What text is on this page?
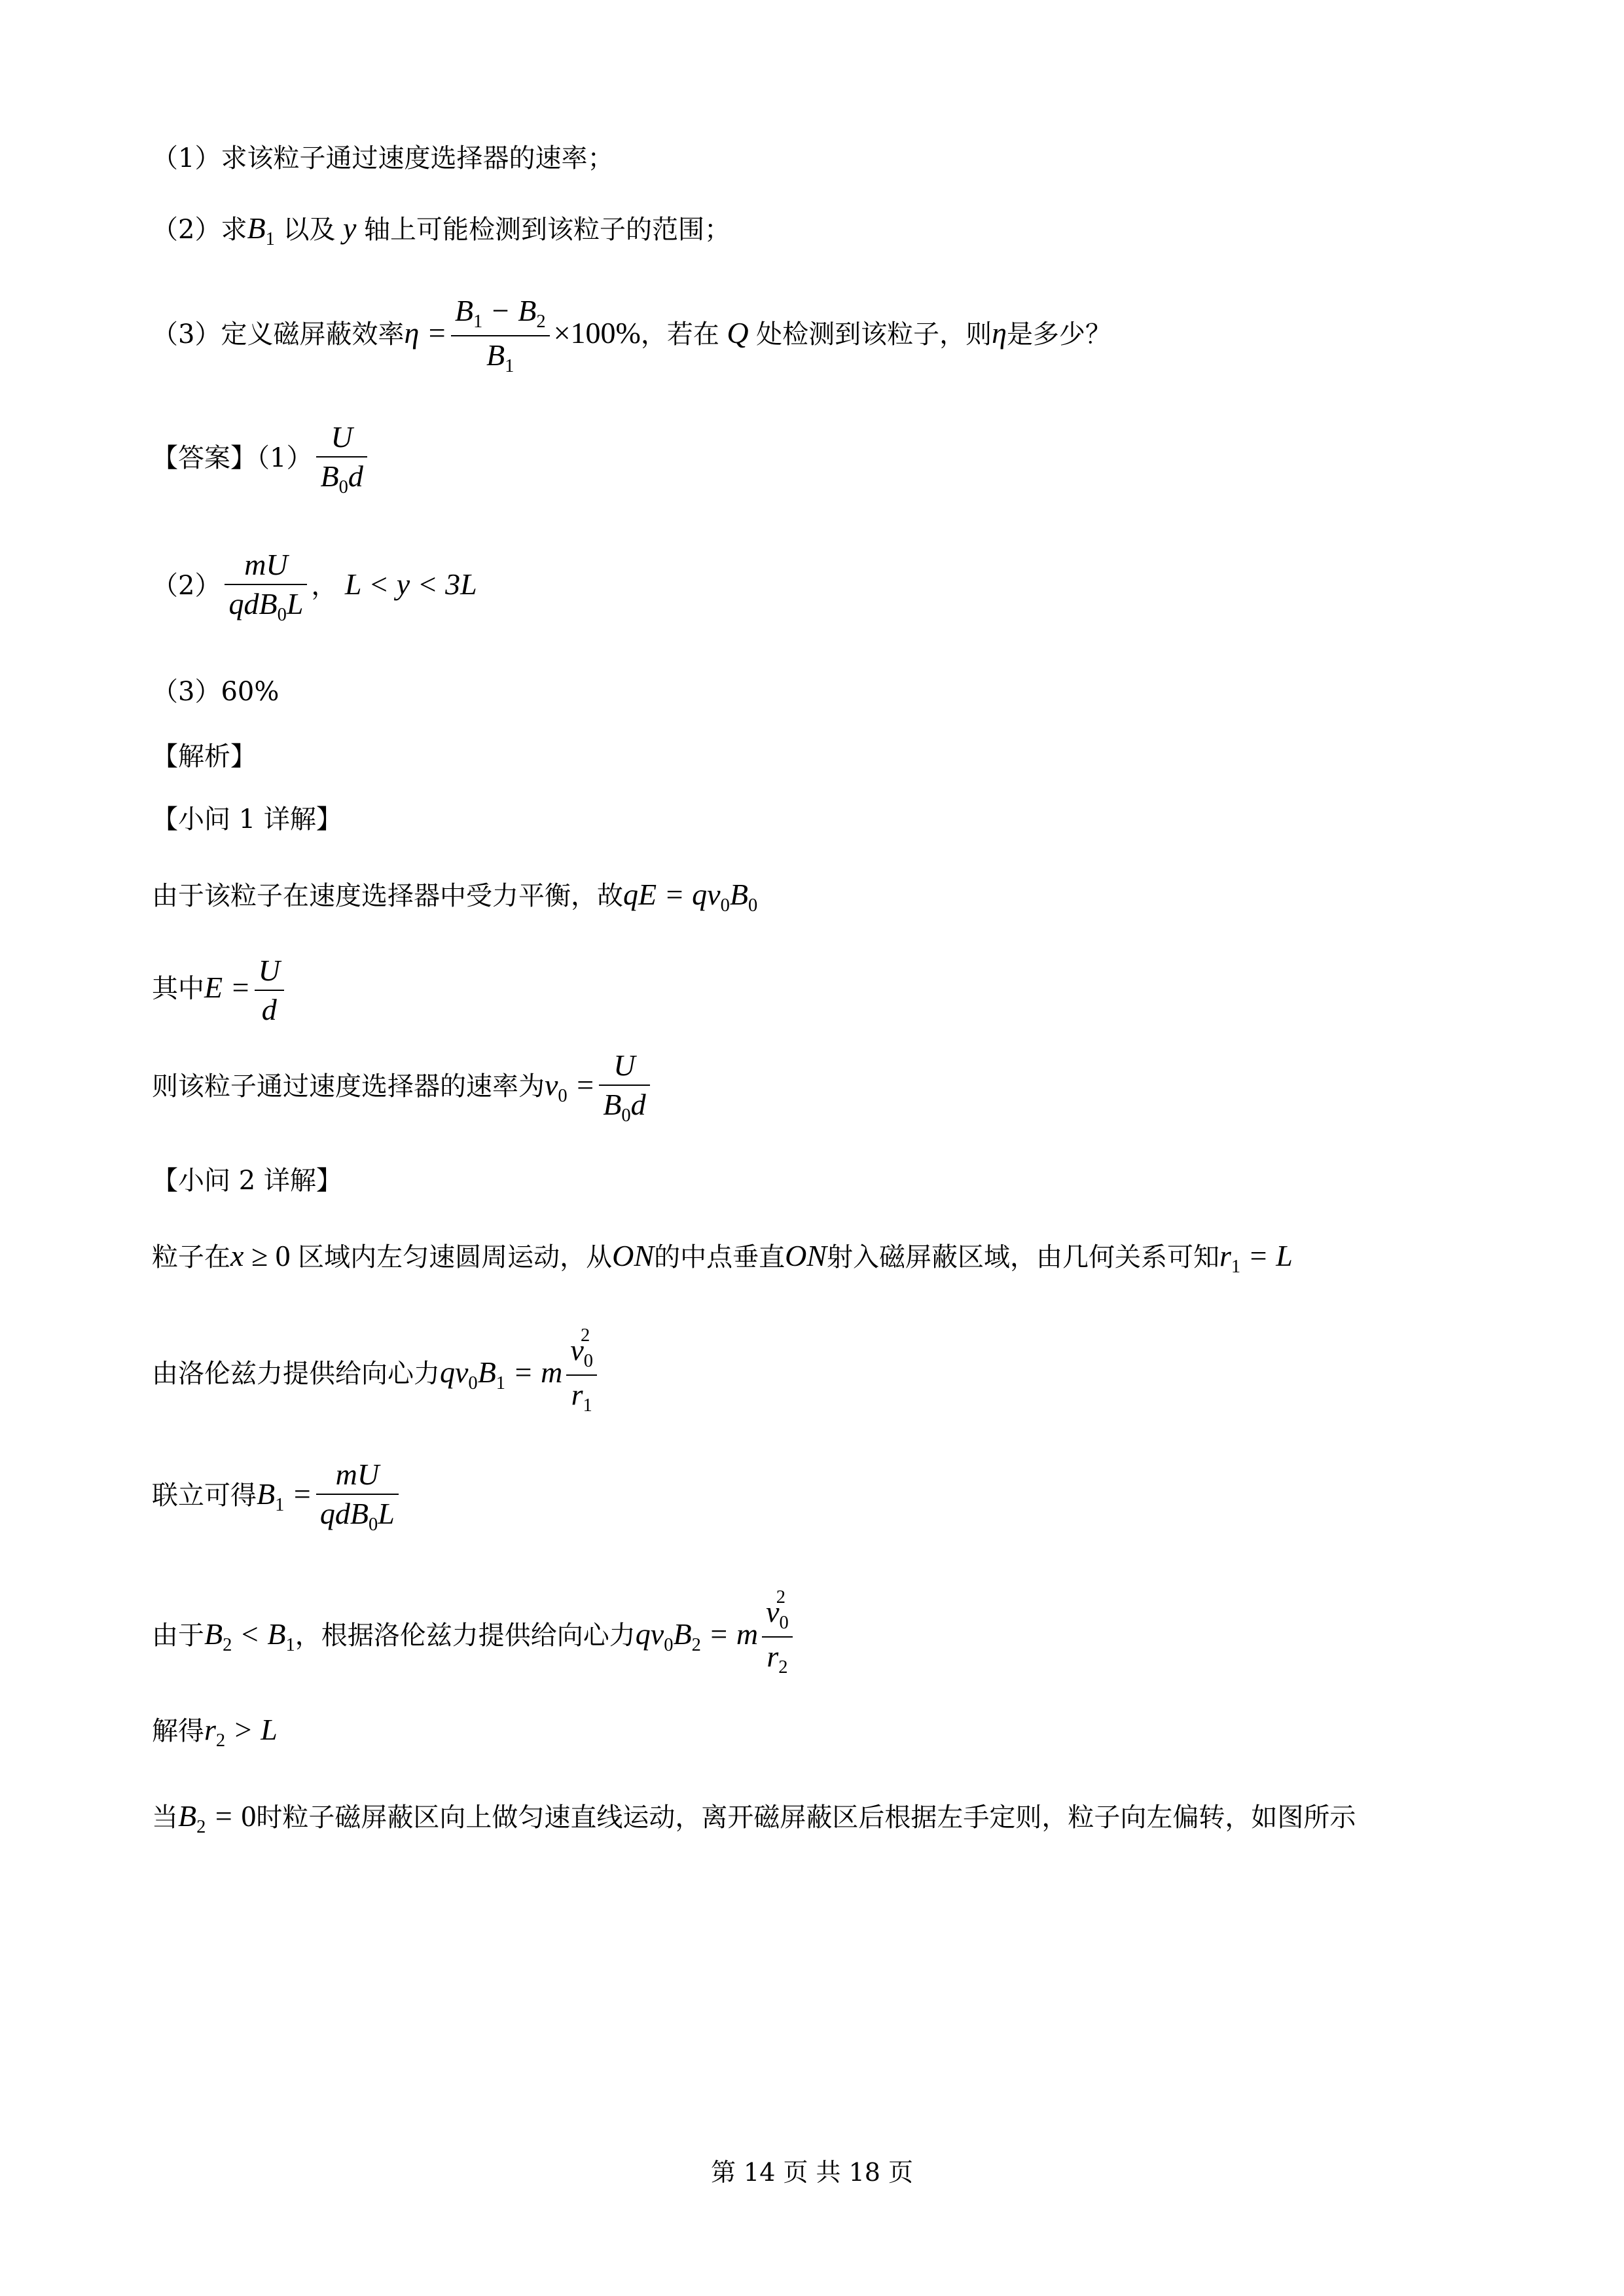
（1）求该粒子通过速度选择器的速率；
（2）求$B_1$ 以及 y 轴上可能检测到该粒子的范围；
（3）定义磁屏蔽效率$\eta = \frac{B_1 - B_2}{B_1} \times 100\%$，若在 Q 处检测到该粒子，则η是多少？
【答案】$(1) \frac{U}{B_0d}$
$(2) \frac{mU}{qdB_0L}$ ， L < y < 3L
（3）60%
【解析】
【小问 1 详解】
由于该粒子在速度选择器中受力平衡，故qE = $qv_0B_0$
其中$E = \frac{U}{d}$
则该粒子通过速度选择器的速率为$v_0 = \frac{U}{B_0d}$
【小问 2 详解】
粒子在x ≥ 0 区域内左匀速圆周运动，从ON的中点垂直ON射入磁屏蔽区域，由几何关系可知$r_1 = L$
由洛伦兹力提供给向心力$qv_0B_1 = m$ v
2
$_0$
$r_1$
联立可得$B_1 = \frac{mU}{qdB_0L}$
由于$B_2 < B_1$，根据洛伦兹力提供给向心力$qv_0B_2 = m$ v
2
$_0$
$r_2$
解得$r_2 > L$
当$B_2 = 0$时粒子磁屏蔽区向上做匀速直线运动，离开磁屏蔽区后根据左手定则，粒子向左偏转，如图所示
第 14 页 共 18 页
